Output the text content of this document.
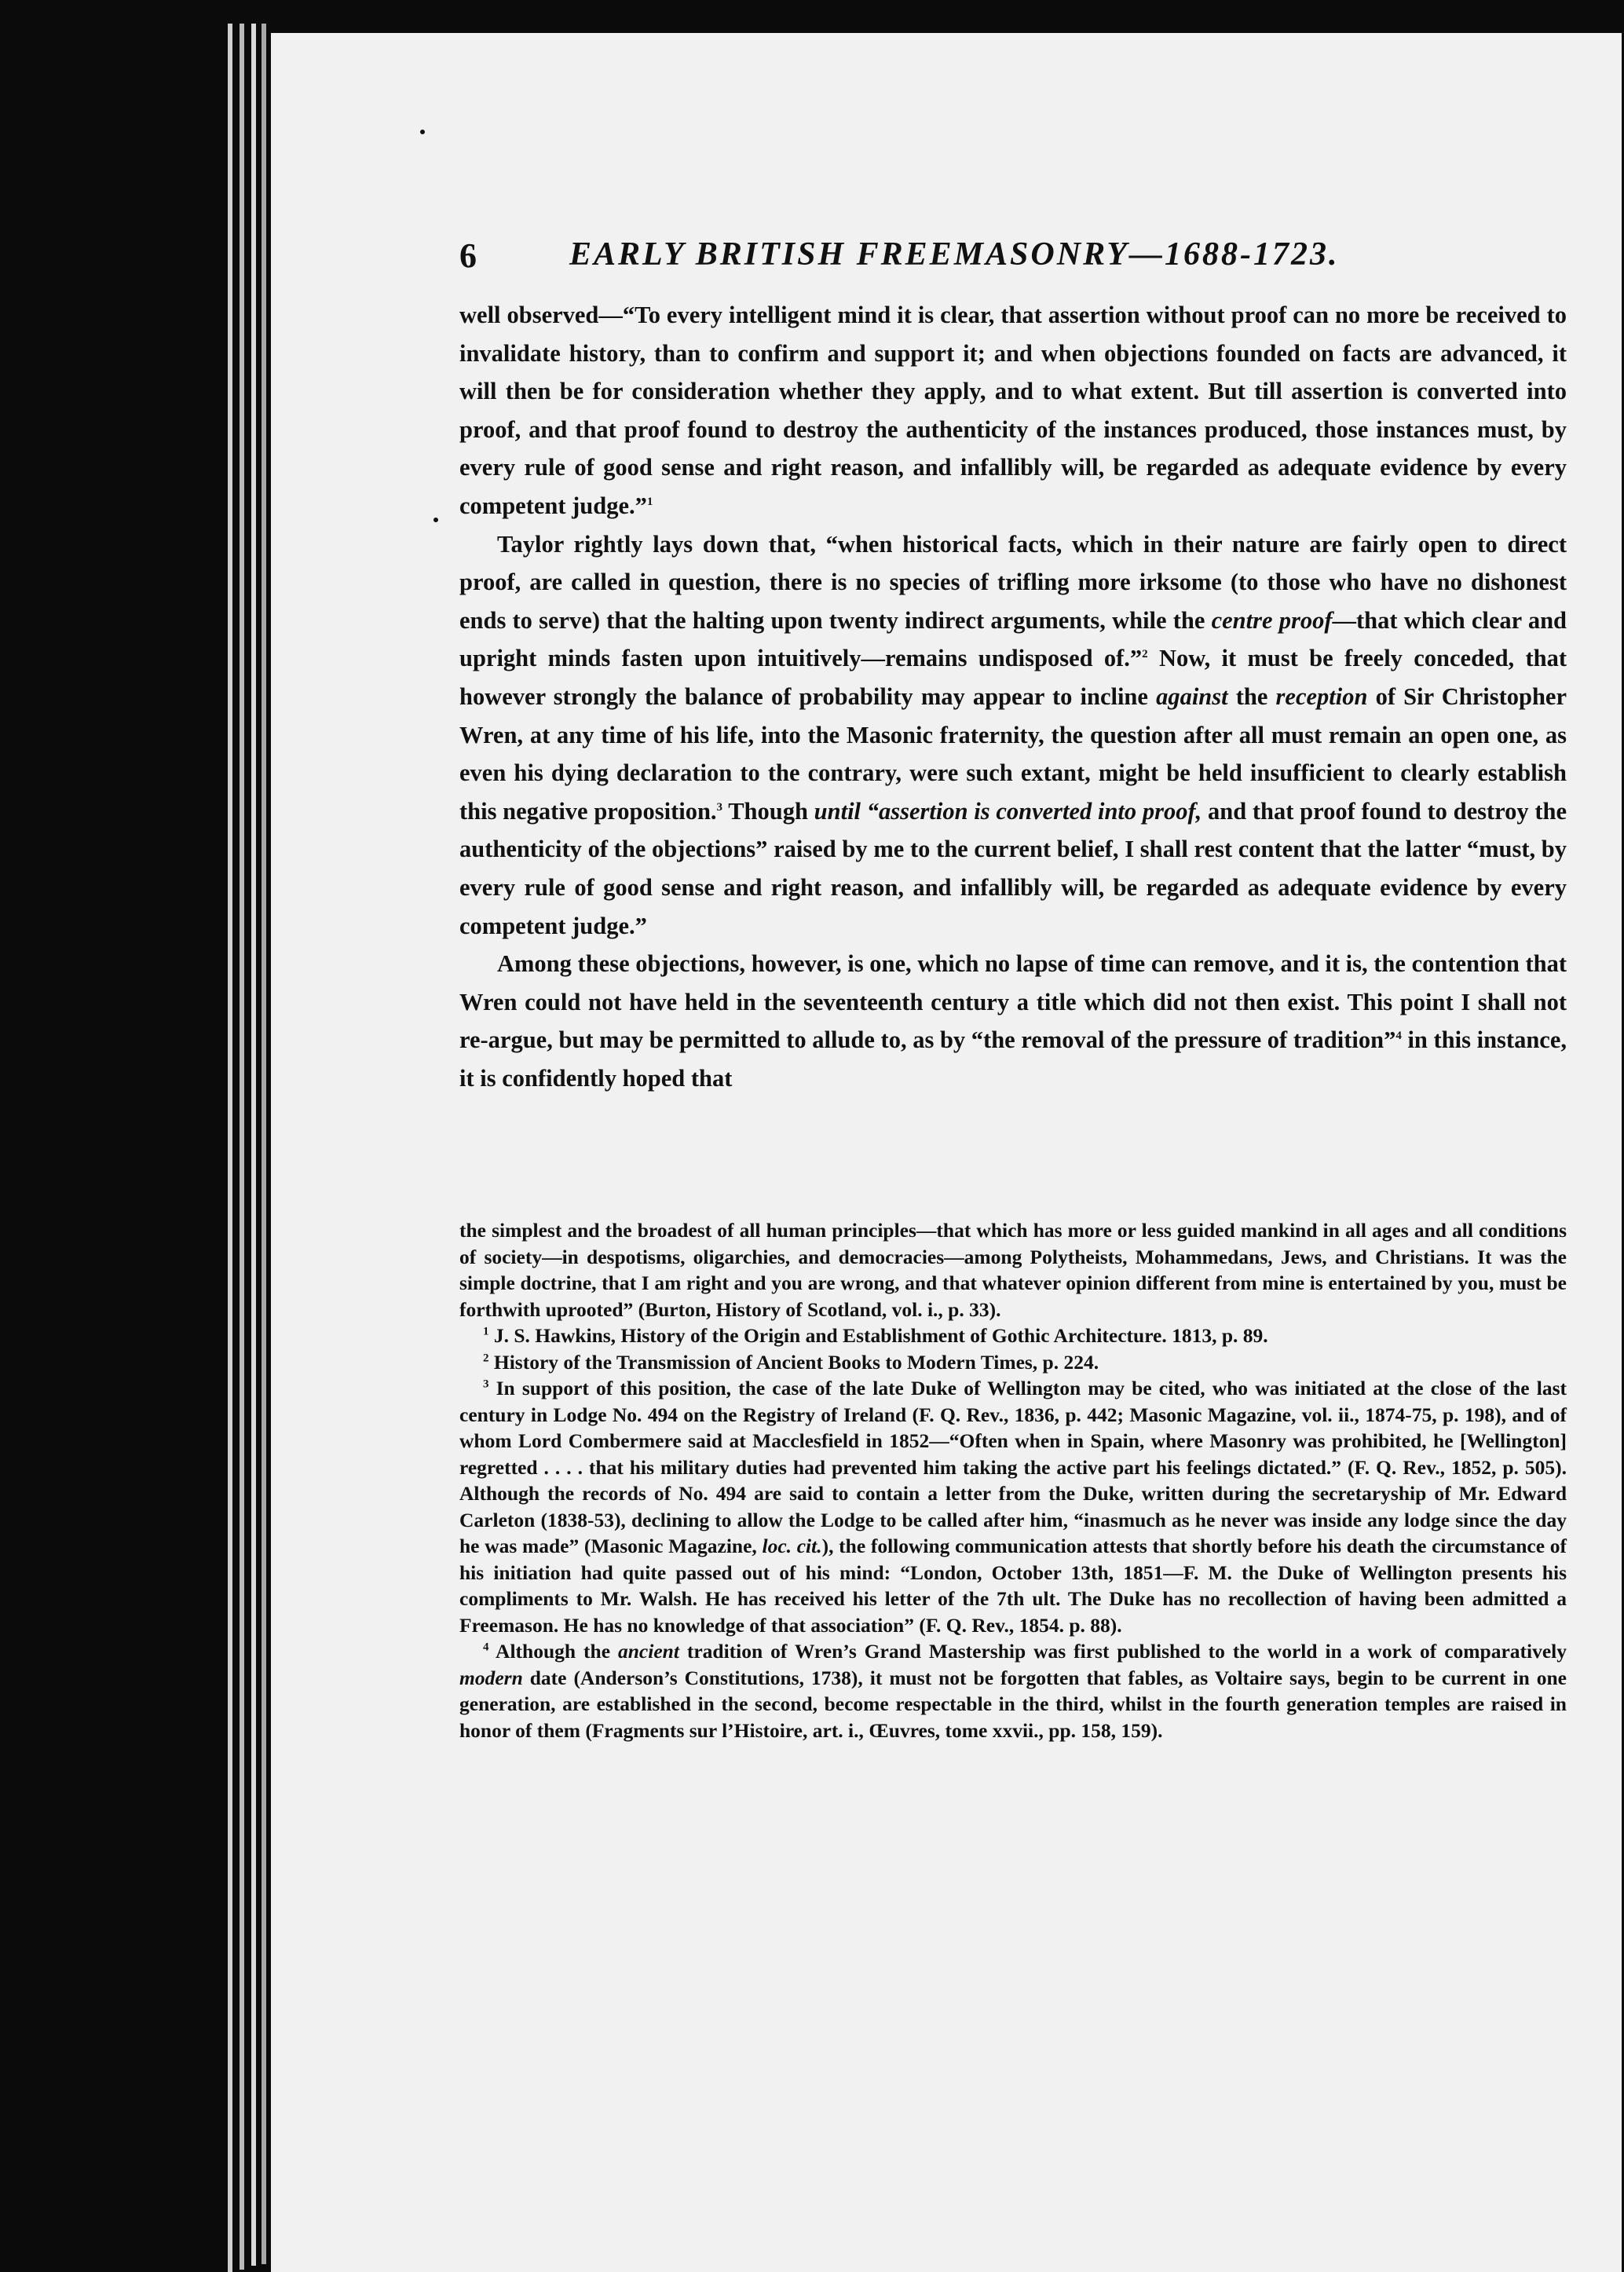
6	EARLY BRITISH FREEMASONRY—1688-1723.

well observed—“To every intelligent mind it is clear, that assertion without proof can no more be received to invalidate history, than to confirm and support it; and when objections founded on facts are advanced, it will then be for consideration whether they apply, and to what extent. But till assertion is converted into proof, and that proof found to destroy the authenticity of the instances produced, those instances must, by every rule of good sense and right reason, and infallibly will, be regarded as adequate evidence by every competent judge.”$^1$

Taylor rightly lays down that, “when historical facts, which in their nature are fairly open to direct proof, are called in question, there is no species of trifling more irksome (to those who have no dishonest ends to serve) that the halting upon twenty indirect arguments, while the centre proof—that which clear and upright minds fasten upon intuitively—remains undisposed of.”$^2$ Now, it must be freely conceded, that however strongly the balance of probability may appear to incline against the reception of Sir Christopher Wren, at any time of his life, into the Masonic fraternity, the question after all must remain an open one, as even his dying declaration to the contrary, were such extant, might be held insufficient to clearly establish this negative proposition.$^3$ Though until “assertion is converted into proof, and that proof found to destroy the authenticity of the objections” raised by me to the current belief, I shall rest content that the latter “must, by every rule of good sense and right reason, and infallibly will, be regarded as adequate evidence by every competent judge.”

Among these objections, however, is one, which no lapse of time can remove, and it is, the contention that Wren could not have held in the seventeenth century a title which did not then exist. This point I shall not re-argue, but may be permitted to allude to, as by “the removal of the pressure of tradition”$^4$ in this instance, it is confidently hoped that

the simplest and the broadest of all human principles—that which has more or less guided mankind in all ages and all conditions of society—in despotisms, oligarchies, and democracies—among Polytheists, Mohammedans, Jews, and Christians. It was the simple doctrine, that I am right and you are wrong, and that whatever opinion different from mine is entertained by you, must be forthwith uprooted” (Burton, History of Scotland, vol. i., p. 33).

$^1$ J. S. Hawkins, History of the Origin and Establishment of Gothic Architecture. 1813, p. 89.

$^2$ History of the Transmission of Ancient Books to Modern Times, p. 224.

$^3$ In support of this position, the case of the late Duke of Wellington may be cited, who was initiated at the close of the last century in Lodge No. 494 on the Registry of Ireland (F. Q. Rev., 1836, p. 442; Masonic Magazine, vol. ii., 1874-75, p. 198), and of whom Lord Combermere said at Macclesfield in 1852—“Often when in Spain, where Masonry was prohibited, he [Wellington] regretted . . . . that his military duties had prevented him taking the active part his feelings dictated.” (F. Q. Rev., 1852, p. 505). Although the records of No. 494 are said to contain a letter from the Duke, written during the secretaryship of Mr. Edward Carleton (1838-53), declining to allow the Lodge to be called after him, “inasmuch as he never was inside any lodge since the day he was made” (Masonic Magazine, loc. cit.), the following communication attests that shortly before his death the circumstance of his initiation had quite passed out of his mind: “London, October 13th, 1851—F. M. the Duke of Wellington presents his compliments to Mr. Walsh. He has received his letter of the 7th ult. The Duke has no recollection of having been admitted a Freemason. He has no knowledge of that association” (F. Q. Rev., 1854. p. 88).

$^4$ Although the ancient tradition of Wren’s Grand Mastership was first published to the world in a work of comparatively modern date (Anderson’s Constitutions, 1738), it must not be forgotten that fables, as Voltaire says, begin to be current in one generation, are established in the second, become respectable in the third, whilst in the fourth generation temples are raised in honor of them (Fragments sur l’Histoire, art. i., Œuvres, tome xxvii., pp. 158, 159).
